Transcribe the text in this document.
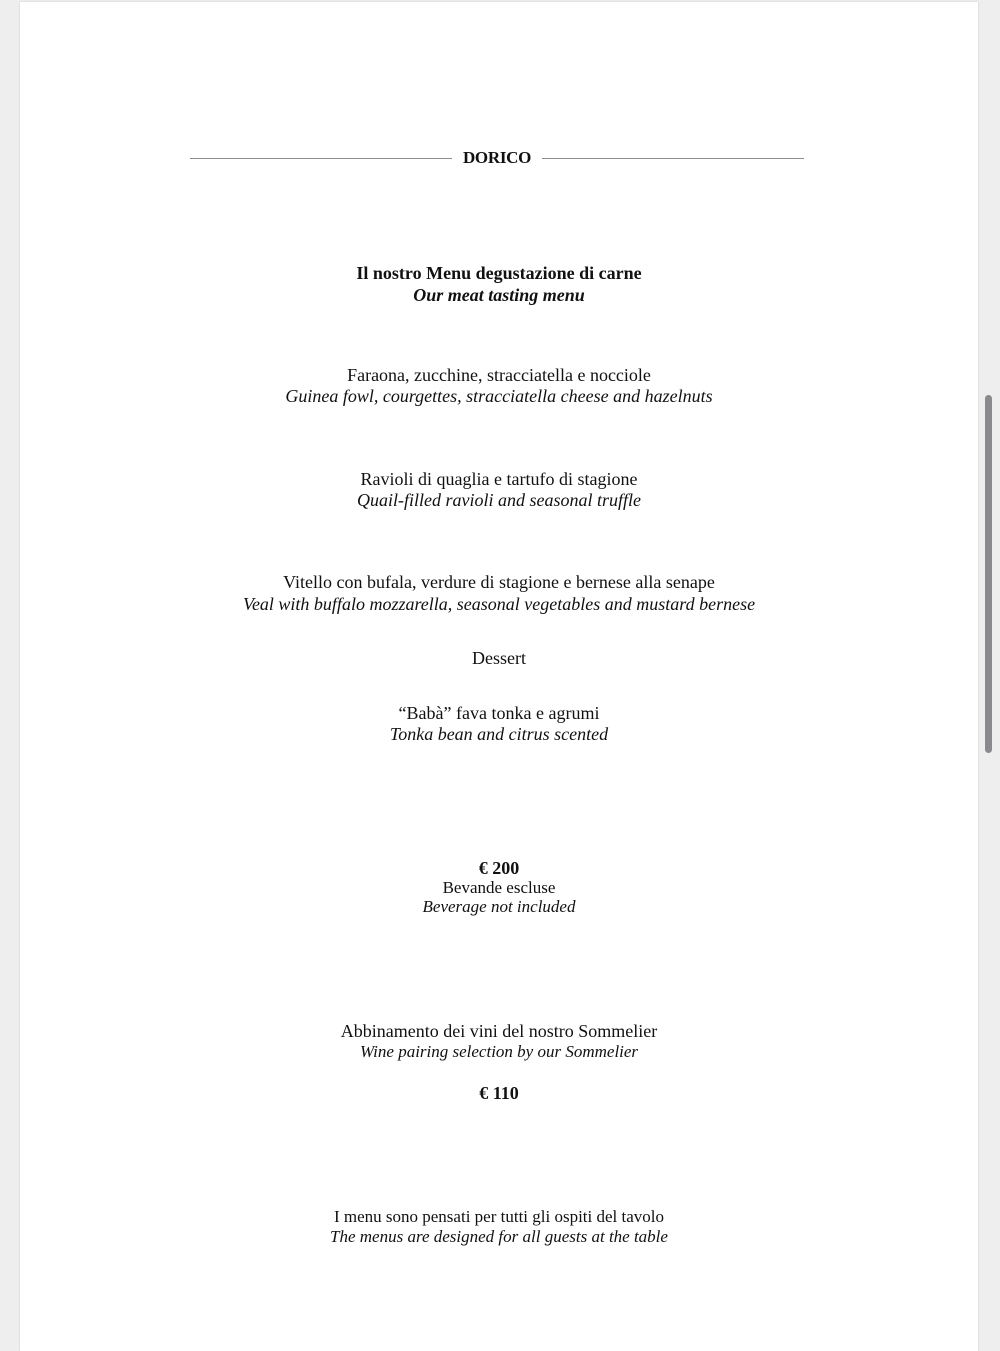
DORICO
Il nostro Menu degustazione di carne
Our meat tasting menu
Faraona, zucchine, stracciatella e nocciole
Guinea fowl, courgettes, stracciatella cheese and hazelnuts
Ravioli di quaglia e tartufo di stagione
Quail-filled ravioli and seasonal truffle
Vitello con bufala, verdure di stagione e bernese alla senape
Veal with buffalo mozzarella, seasonal vegetables and mustard bernese
Dessert
“Babà” fava tonka e agrumi
Tonka bean and citrus scented
€ 200
Bevande escluse
Beverage not included
Abbinamento dei vini del nostro Sommelier
Wine pairing selection by our Sommelier
€ 110
I menu sono pensati per tutti gli ospiti del tavolo
The menus are designed for all guests at the table
